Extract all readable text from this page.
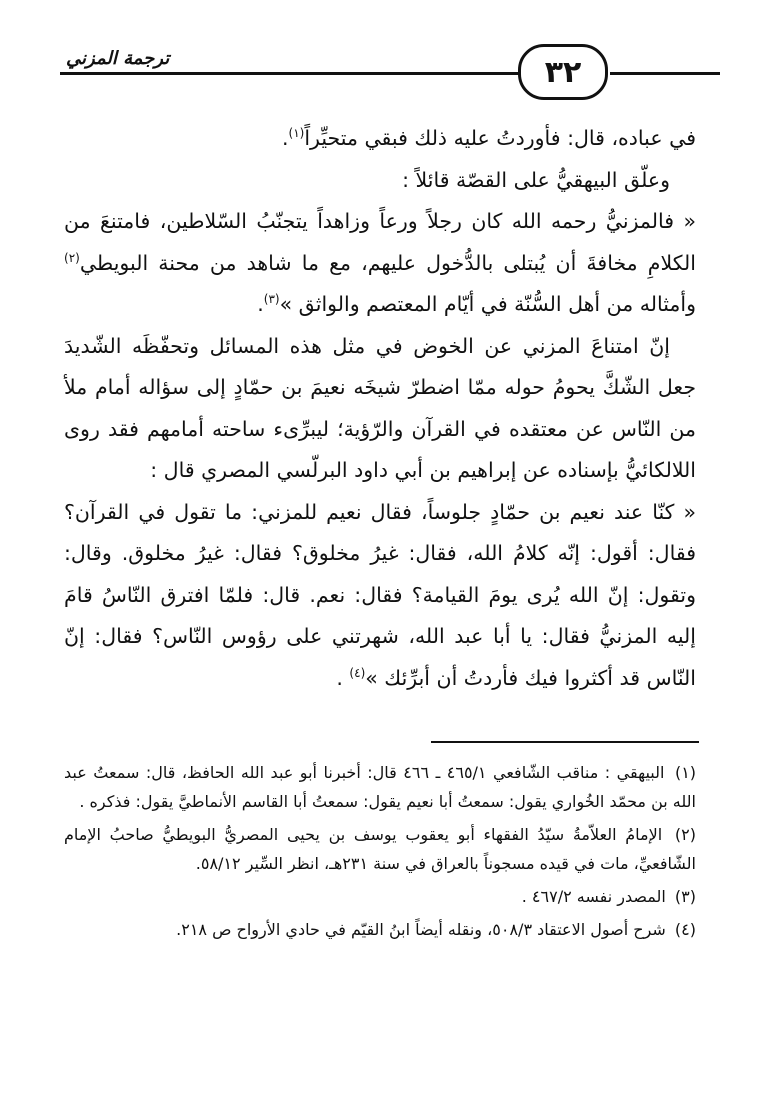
٣٢
ترجمة المزني

في عباده، قال: فأوردتُ عليه ذلك فبقي متحيِّراً$^{(١)}$.

وعلّق البيهقيُّ على القصّة قائلاً :

« فالمزنيُّ رحمه الله كان رجلاً ورعاً وزاهداً يتجنّبُ السّلاطين، فامتنعَ من الكلامِ مخافةَ أن يُبتلى بالدُّخول عليهم، مع ما شاهد من محنة البويطي$^{(٢)}$ وأمثاله من أهل السُّنّة في أيّام المعتصم والواثق »$^{(٣)}$.

إنّ امتناعَ المزني عن الخوض في مثل هذه المسائل وتحفّظَه الشّديدَ جعل الشّكَّ يحومُ حوله ممّا اضطرّ شيخَه نعيمَ بن حمّادٍ إلى سؤاله أمام ملأ من النّاس عن معتقده في القرآن والرّؤية؛ ليبرِّىء ساحته أمامهم فقد روى اللالكائيُّ بإسناده عن إبراهيم بن أبي داود البرلّسي المصري قال :

« كنّا عند نعيم بن حمّادٍ جلوساً، فقال نعيم للمزني: ما تقول في القرآن؟ فقال: أقول: إنّه كلامُ الله، فقال: غيرُ مخلوق؟ فقال: غيرُ مخلوق. وقال: وتقول: إنّ الله يُرى يومَ القيامة؟ فقال: نعم. قال: فلمّا افترق النّاسُ قامَ إليه المزنيُّ فقال: يا أبا عبد الله، شهرتني على رؤوس النّاس؟ فقال: إنّ النّاس قد أكثروا فيك فأردتُ أن أبرِّئك »$^{(٤)}$ .

(١) البيهقي : مناقب الشّافعي ٤٦٥/١ ـ ٤٦٦ قال: أخبرنا أبو عبد الله الحافظ، قال: سمعتُ عبد الله بن محمّد الخُواري يقول: سمعتُ أبا نعيم يقول: سمعتُ أبا القاسم الأنماطيَّ يقول: فذكره .

(٢) الإمامُ العلاّمةُ سيّدُ الفقهاء أبو يعقوب يوسف بن يحيى المصريُّ البويطيُّ صاحبُ الإمام الشّافعيِّ، مات في قيده مسجوناً بالعراق في سنة ٢٣١هـ، انظر السِّير ٥٨/١٢.

(٣) المصدر نفسه ٤٦٧/٢ .

(٤) شرح أصول الاعتقاد ٥٠٨/٣، ونقله أيضاً ابنُ القيّم في حادي الأرواح ص ٢١٨.
